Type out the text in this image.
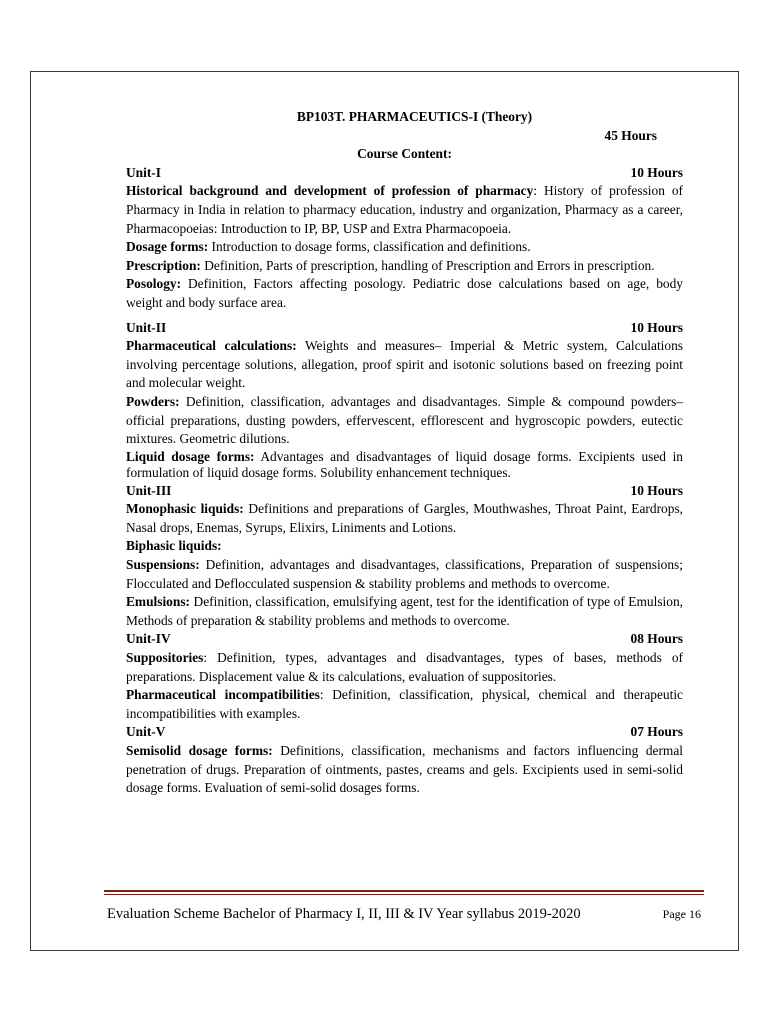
BP103T. PHARMACEUTICS-I (Theory)
45 Hours
Course Content:
Unit-I	10 Hours
Historical background and development of profession of pharmacy: History of profession of Pharmacy in India in relation to pharmacy education, industry and organization, Pharmacy as a career, Pharmacopoeias: Introduction to IP, BP, USP and Extra Pharmacopoeia.
Dosage forms: Introduction to dosage forms, classification and definitions.
Prescription: Definition, Parts of prescription, handling of Prescription and Errors in prescription.
Posology: Definition, Factors affecting posology. Pediatric dose calculations based on age, body weight and body surface area.
Unit-II	10 Hours
Pharmaceutical calculations: Weights and measures– Imperial & Metric system, Calculations involving percentage solutions, allegation, proof spirit and isotonic solutions based on freezing point and molecular weight.
Powders: Definition, classification, advantages and disadvantages. Simple & compound powders– official preparations, dusting powders, effervescent, efflorescent and hygroscopic powders, eutectic mixtures. Geometric dilutions.
Liquid dosage forms: Advantages and disadvantages of liquid dosage forms. Excipients used in formulation of liquid dosage forms. Solubility enhancement techniques.
Unit-III	10 Hours
Monophasic liquids: Definitions and preparations of Gargles, Mouthwashes, Throat Paint, Eardrops, Nasal drops, Enemas, Syrups, Elixirs, Liniments and Lotions.
Biphasic liquids:
Suspensions: Definition, advantages and disadvantages, classifications, Preparation of suspensions; Flocculated and Deflocculated suspension & stability problems and methods to overcome.
Emulsions: Definition, classification, emulsifying agent, test for the identification of type of Emulsion, Methods of preparation & stability problems and methods to overcome.
Unit-IV	08 Hours
Suppositories: Definition, types, advantages and disadvantages, types of bases, methods of preparations. Displacement value & its calculations, evaluation of suppositories.
Pharmaceutical incompatibilities: Definition, classification, physical, chemical and therapeutic incompatibilities with examples.
Unit-V	07 Hours
Semisolid dosage forms: Definitions, classification, mechanisms and factors influencing dermal penetration of drugs. Preparation of ointments, pastes, creams and gels. Excipients used in semi-solid dosage forms. Evaluation of semi-solid dosages forms.
Evaluation Scheme Bachelor of Pharmacy I, II, III & IV Year syllabus 2019-2020	Page 16
